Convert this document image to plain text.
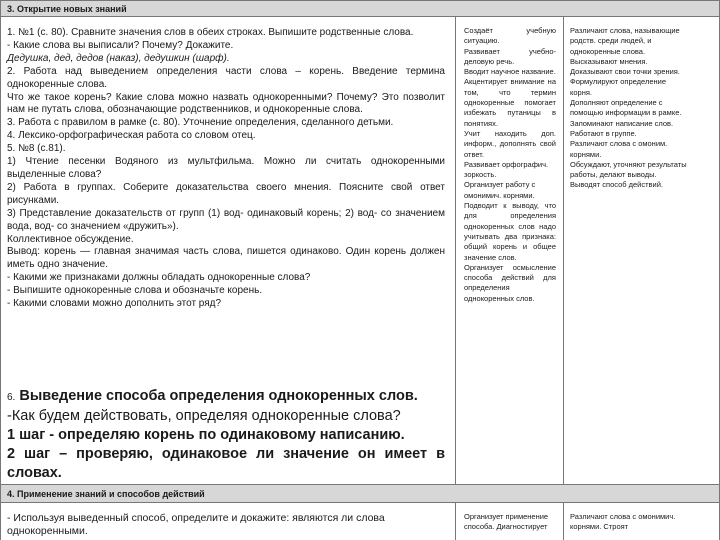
3. Открытие новых знаний

1. №1 (с. 80). Сравните значения слов в обеих строках. Выпишите родственные слова.

- Какие слова вы выписали? Почему? Докажите.

Дедушка, дед, дедов (наказ), дедушкин (шарф).

2. Работа над выведением определения части слова – корень. Введение термина однокоренные слова.

Что же такое корень? Какие слова можно назвать однокоренными? Почему? Это позволит нам не путать слова, обозначающие родственников, и однокоренные слова.

3. Работа с правилом в рамке (с. 80). Уточнение определения, сделанного детьми.

4. Лексико-орфографическая работа со словом отец.

5. №8 (с.81).

1) Чтение песенки Водяного из мультфильма. Можно ли считать однокоренными выделенные слова?

2) Работа в группах. Соберите доказательства своего мнения. Поясните свой ответ рисунками.

3) Представление доказательств от групп (1) вод- одинаковый корень; 2) вод- со значением вода, вод- со значением «дружить»).

Коллективное обсуждение.

Вывод: корень — главная значимая часть слова, пишется одинаково. Один корень должен иметь одно значение.

- Какими же признаками должны обладать однокоренные слова?

- Выпишите однокоренные слова и обозначьте корень.

- Какими словами можно дополнить этот ряд?

6. Выведение способа определения однокоренных слов.

-Как будем действовать, определяя однокоренные слова?

1 шаг - определяю корень по одинаковому написанию.

2 шаг – проверяю, одинаковое ли значение он имеет в словах.

Создаёт учебную ситуацию.

Развивает учебно-деловую речь.

Вводит научное название.

Акцентирует внимание на том, что термин однокоренные помогает избежать путаницы в понятиях.

Учит находить доп. информ., дополнять свой ответ.

Развивает орфографич. зоркость.

Организует работу с омонимич. корнями.

Подводит к выводу, что для определения однокоренных слов надо учитывать два признака: общий корень и общее значение слов.

Организует осмысление способа действий для определения однокоренных слов.

Различают слова, называющие родств. среди людей, и однокоренные слова.

Высказывают мнения. Доказывают свои точки зрения.

Формулируют определение корня.

Дополняют определение с помощью информации в рамке.

Запоминают написание слов.

Работают в группе.

Различают слова с омоним. корнями.

Обсуждают, уточняют результаты работы, делают выводы.

Выводят способ действий.

4. Применение знаний и способов действий
- Используя выведенный способ, определите и докажите: являются ли слова однокоренными.
Организует применение способа. Диагностирует
Различают слова с омонимич. корнями. Строят
